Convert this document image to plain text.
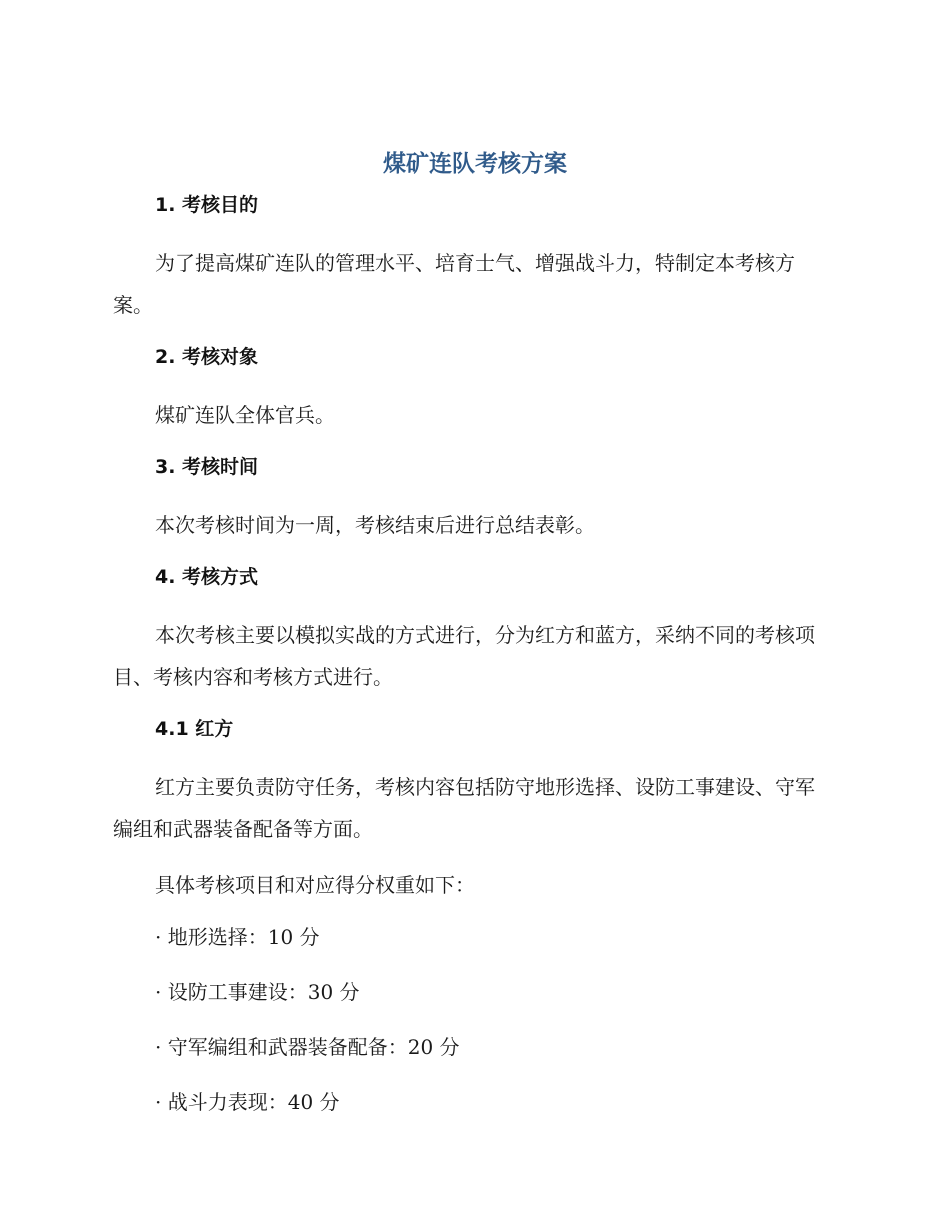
煤矿连队考核方案
1. 考核目的

为了提高煤矿连队的管理水平、培育士气、增强战斗力，特制定本考核方案。

2. 考核对象

煤矿连队全体官兵。

3. 考核时间

本次考核时间为一周，考核结束后进行总结表彰。

4. 考核方式

本次考核主要以模拟实战的方式进行，分为红方和蓝方，采纳不同的考核项目、考核内容和考核方式进行。

4.1 红方

红方主要负责防守任务，考核内容包括防守地形选择、设防工事建设、守军编组和武器装备配备等方面。

具体考核项目和对应得分权重如下：

· 地形选择：10 分
· 设防工事建设：30 分
· 守军编组和武器装备配备：20 分
· 战斗力表现：40 分
